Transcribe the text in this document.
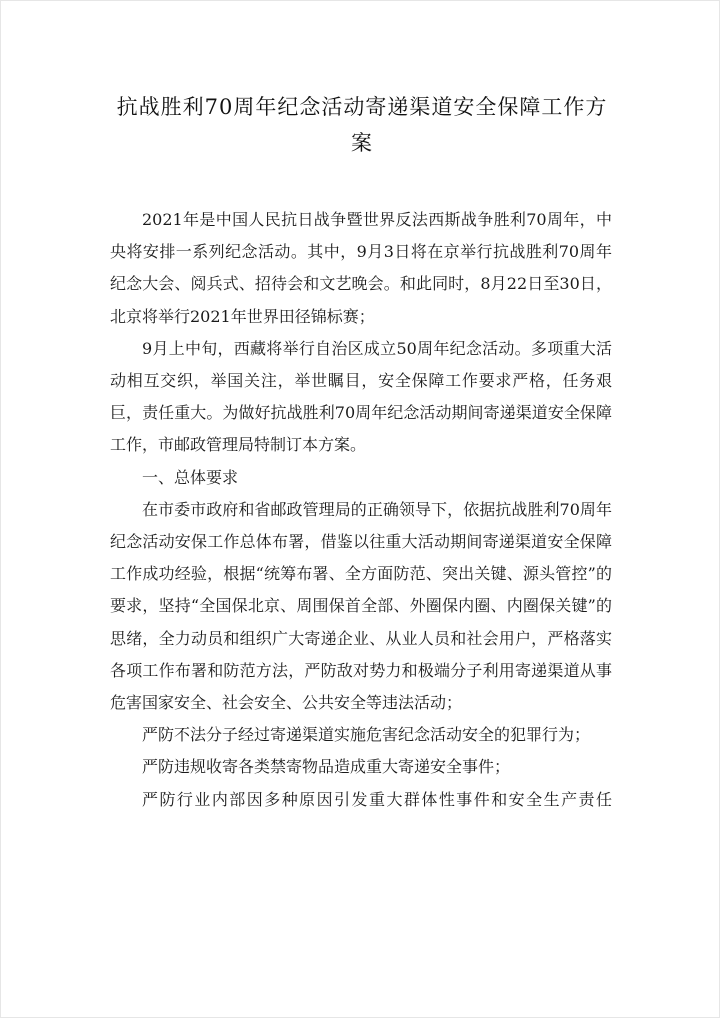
抗战胜利70周年纪念活动寄递渠道安全保障工作方案

2021年是中国人民抗日战争暨世界反法西斯战争胜利70周年，中央将安排一系列纪念活动。其中，9月3日将在京举行抗战胜利70周年纪念大会、阅兵式、招待会和文艺晚会。和此同时，8月22日至30日，北京将举行2021年世界田径锦标赛；

9月上中旬，西藏将举行自治区成立50周年纪念活动。多项重大活动相互交织，举国关注，举世瞩目，安全保障工作要求严格，任务艰巨，责任重大。为做好抗战胜利70周年纪念活动期间寄递渠道安全保障工作，市邮政管理局特制订本方案。

一、总体要求

在市委市政府和省邮政管理局的正确领导下，依据抗战胜利70周年纪念活动安保工作总体布署，借鉴以往重大活动期间寄递渠道安全保障工作成功经验，根据“统筹布署、全方面防范、突出关键、源头管控”的要求，坚持“全国保北京、周围保首全部、外圈保内圈、内圈保关键”的思绪，全力动员和组织广大寄递企业、从业人员和社会用户，严格落实各项工作布署和防范方法，严防敌对势力和极端分子利用寄递渠道从事危害国家安全、社会安全、公共安全等违法活动；

严防不法分子经过寄递渠道实施危害纪念活动安全的犯罪行为；

严防违规收寄各类禁寄物品造成重大寄递安全事件；

严防行业内部因多种原因引发重大群体性事件和安全生产责任
